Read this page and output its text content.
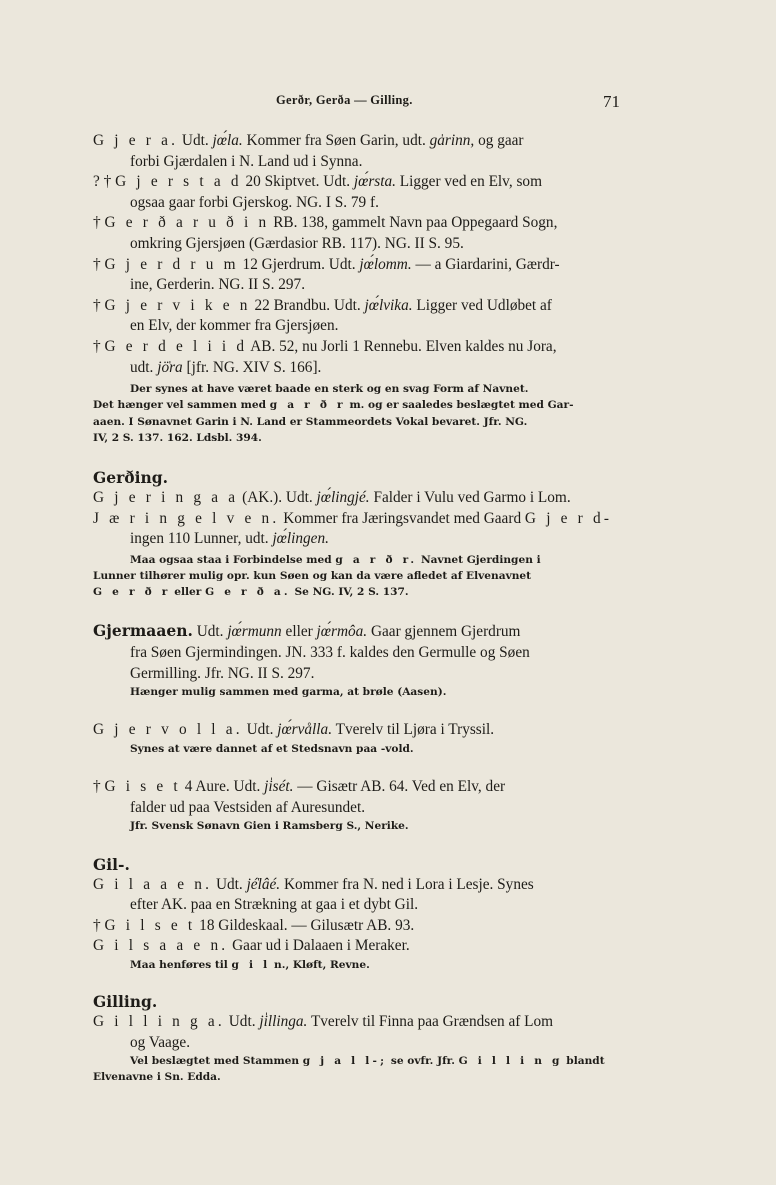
Gerðr, Gerða — Gilling.	71

G j e r a. Udt. jœ́la. Kommer fra Søen Garin, udt. ga̍rinn, og gaar
forbi Gjærdalen i N. Land ud i Synna.

? † G j e r s t a d 20 Skiptvet. Udt. jœ́rsta. Ligger ved en Elv, som
ogsaa gaar forbi Gjerskog. NG. I S. 79 f.

† G e r ð a r u ð i n RB. 138, gammelt Navn paa Oppegaard Sogn,
omkring Gjersjøen (Gærdasior RB. 117). NG. II S. 95.

† G j e r d r u m 12 Gjerdrum. Udt. jœ́lomm. — a Giardarini, Gærdr-
ine, Gerderin. NG. II S. 297.

† G j e r v i k e n 22 Brandbu. Udt. jœ́lvika. Ligger ved Udløbet af
en Elv, der kommer fra Gjersjøen.

† G e r d e l i i d AB. 52, nu Jorli 1 Rennebu. Elven kaldes nu Jora,
udt. jö̍ra [jfr. NG. XIV S. 166].

Der synes at have været baade en sterk og en svag Form af Navnet.
Det hænger vel sammen med g a r ð r m. og er saaledes beslægtet med Gar-
aaen. I Sønavnet Garin i N. Land er Stammeordets Vokal bevaret. Jfr. NG.
IV, 2 S. 137. 162. Ldsbl. 394.

Gerðing.

G j e r i n g a a (AK.). Udt. jœ́lingjé. Falder i Vulu ved Garmo i Lom.

J æ r i n g e l v e n. Kommer fra Jæringsvandet med Gaard G j e r d-
ingen 110 Lunner, udt. jœ́lingen.

Maa ogsaa staa i Forbindelse med g a r ð r. Navnet Gjerdingen i
Lunner tilhører mulig opr. kun Søen og kan da være afledet af Elvenavnet
G e r ð r eller G e r ð a. Se NG. IV, 2 S. 137.

Gjermaaen. Udt. jœ́rmunn eller jœ́rmôa. Gaar gjennem Gjerdrum
fra Søen Gjermindingen. JN. 333 f. kaldes den Germulle og Søen
Germilling. Jfr. NG. II S. 297.

Hænger mulig sammen med garma, at brøle (Aasen).

G j e r v o l l a. Udt. jœ́rvålla. Tverelv til Ljøra i Tryssil.

Synes at være dannet af et Stedsnavn paa -vold.

† G i s e t 4 Aure. Udt. ji̍sét. — Gisætr AB. 64. Ved en Elv, der
falder ud paa Vestsiden af Auresundet.

Jfr. Svensk Sønavn Gien i Ramsberg S., Nerike.

Gil-.

G i l a a e n. Udt. jé̍lâé. Kommer fra N. ned i Lora i Lesje. Synes
efter AK. paa en Strækning at gaa i et dybt Gil.

† G i l s e t 18 Gildeskaal. — Gilusætr AB. 93.

G i l s a a e n. Gaar ud i Dalaaen i Meraker.

Maa henføres til g i l n., Kløft, Revne.

Gilling.

G i l l i n g a. Udt. ji̍llinga. Tverelv til Finna paa Grændsen af Lom
og Vaage.

Vel beslægtet med Stammen g j a l l-; se ovfr. Jfr. G i l l i n g blandt
Elvenavne i Sn. Edda.
